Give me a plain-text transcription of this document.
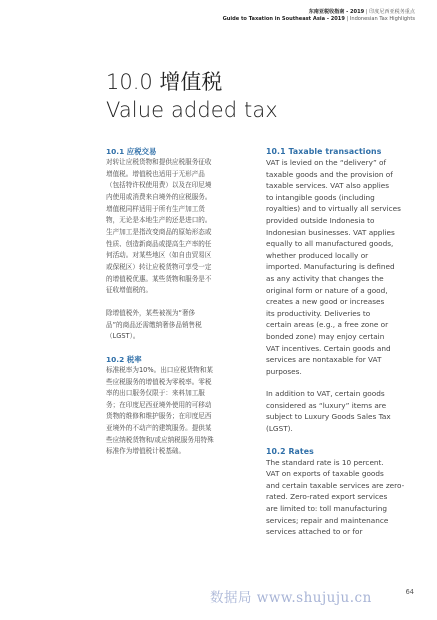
东南亚税收指南 - 2019 | 印度尼西亚税务重点
Guide to Taxation in Southeast Asia - 2019 | Indonesian Tax Highlights
10.0 增值税
Value added tax
10.1 应税交易
对转让应税货物和提供应税服务征收
增值税。增值税也适用于无形产品
（包括特许权使用费）以及在印尼境
内使用或消费来自境外的应税服务。
增值税同样适用于所有生产加工货
物，无论是本地生产的还是进口的。
生产加工是指改变商品的原始形态或
性质、创造新商品或提高生产率的任
何活动。对某些地区（如自由贸易区
或保税区）转让应税货物可享受一定
的增值税优惠。某些货物和服务是不
征收增值税的。
除增值税外，某些被视为“奢侈
品”的商品还需缴纳奢侈品销售税
（LGST）。
10.2 税率
标准税率为10%。出口应税货物和某
些应税服务的增值税为零税率。零税
率的出口服务仅限于：来料加工服
务；在印度尼西亚境外使用的可移动
货物的维修和维护服务；在印度尼西
亚境外的不动产的建筑服务。提供某
些应纳税货物和/或应纳税服务用特殊
标准作为增值税计税基础。
10.1 Taxable transactions
VAT is levied on the “delivery” of
taxable goods and the provision of
taxable services. VAT also applies
to intangible goods (including
royalties) and to virtually all services
provided outside Indonesia to
Indonesian businesses. VAT applies
equally to all manufactured goods,
whether produced locally or
imported. Manufacturing is defined
as any activity that changes the
original form or nature of a good,
creates a new good or increases
its productivity. Deliveries to
certain areas (e.g., a free zone or
bonded zone) may enjoy certain
VAT incentives. Certain goods and
services are nontaxable for VAT
purposes.
In addition to VAT, certain goods
considered as “luxury” items are
subject to Luxury Goods Sales Tax
(LGST).
10.2 Rates
The standard rate is 10 percent.
VAT on exports of taxable goods
and certain taxable services are zero-
rated. Zero-rated export services
are limited to: toll manufacturing
services; repair and maintenance
services attached to or for
数据局 www.shujuju.cn	64
